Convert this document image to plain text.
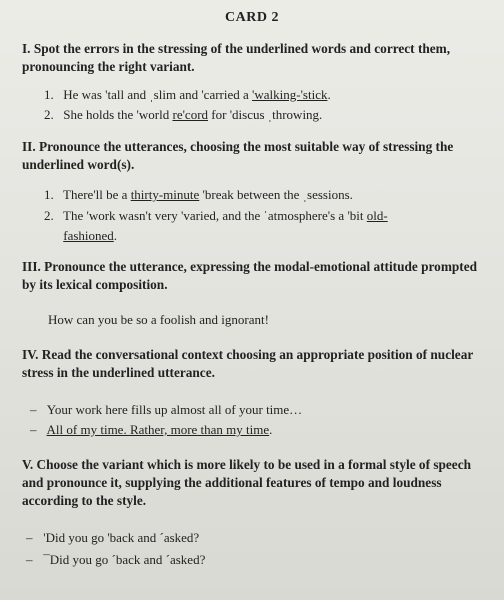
CARD 2
I. Spot the errors in the stressing of the underlined words and correct them, pronouncing the right variant.
1. He was 'tall and ˌslim and 'carried a 'walking-'stick.
2. She holds the 'world re'cord for 'discus ˌthrowing.
II. Pronounce the utterances, choosing the most suitable way of stressing the underlined word(s).
1. There'll be a thirty-minute 'break between the ˌsessions.
2. The 'work wasn't very 'varied, and the ˈatmosphere's a 'bit old-
fashioned.
III. Pronounce the utterance, expressing the modal-emotional attitude prompted by its lexical composition.
How can you be so a foolish and ignorant!
IV. Read the conversational context choosing an appropriate position of nuclear stress in the underlined utterance.
– Your work here fills up almost all of your time…
– All of my time. Rather, more than my time.
V. Choose the variant which is more likely to be used in a formal style of speech and pronounce it, supplying the additional features of tempo and loudness according to the style.
– 'Did you go 'back and ˊasked?
– ¯Did you go ˊback and ˊasked?
